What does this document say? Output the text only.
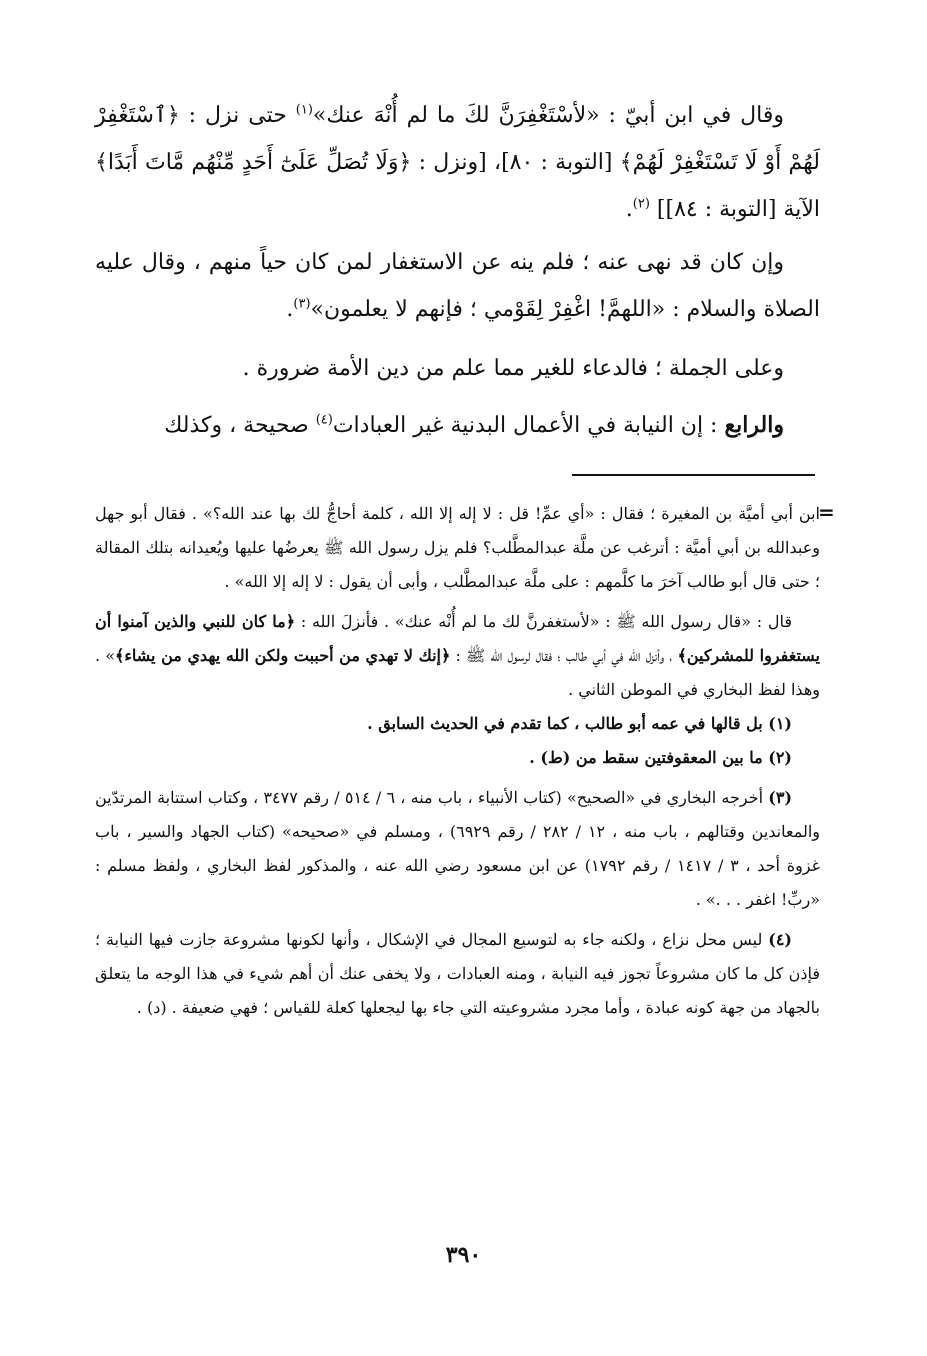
وقال في ابن أبيّ : «لأسْتَغْفِرَنَّ لكَ ما لم أُنْهَ عنك»$^{(١)}$ حتى نزل : ﴿ٱسْتَغْفِرْ لَهُمْ أَوْ لَا تَسْتَغْفِرْ لَهُمْ﴾ [التوبة : ٨٠]، [ونزل : ﴿وَلَا تُصَلِّ عَلَىٰٓ أَحَدٍ مِّنْهُم مَّاتَ أَبَدًا﴾ الآية [التوبة : ٨٤]] $^{(٢)}$.

وإن كان قد نهى عنه ؛ فلم ينه عن الاستغفار لمن كان حياً منهم ، وقال عليه الصلاة والسلام : «اللهمَّ! اغْفِرْ لِقَوْمي ؛ فإنهم لا يعلمون»$^{(٣)}$.

وعلى الجملة ؛ فالدعاء للغير مما علم من دين الأمة ضرورة .

والرابع : إن النيابة في الأعمال البدنية غير العبادات$^{(٤)}$ صحيحة ، وكذلك

=

ابن أبي أميَّة بن المغيرة ؛ فقال : «أي عمِّ! قل : لا إله إلا الله ، كلمة أحاجُّ لك بها عند الله؟» . فقال أبو جهل وعبدالله بن أبي أميَّة : أترغب عن ملَّة عبدالمطَّلب؟ فلم يزل رسول الله ﷺ يعرضُها عليها ويُعيدانه بتلك المقالة ؛ حتى قال أبو طالب آخرَ ما كلَّمهم : على ملَّة عبدالمطَّلب ، وأبى أن يقول : لا إله إلا الله» .

قال : «قال رسول الله ﷺ : «لأستغفرنَّ لك ما لم أُنْه عنك» . فأنزلَ الله : ﴿ما كان للنبي والذين آمنوا أن يستغفروا للمشركين﴾ ، وأنزل الله في أبي طالب ؛ فقال لرسول الله ﷺ : ﴿إنك لا تهدي من أحببت ولكن الله يهدي من يشاء﴾» . وهذا لفظ البخاري في الموطن الثاني .

(١) بل قالها في عمه أبو طالب ، كما تقدم في الحديث السابق .

(٢) ما بين المعقوفتين سقط من (ط) .

(٣) أخرجه البخاري في «الصحيح» (كتاب الأنبياء ، باب منه ، ٦ / ٥١٤ / رقم ٣٤٧٧ ، وكتاب استتابة المرتدّين والمعاندين وقتالهم ، باب منه ، ١٢ / ٢٨٢ / رقم ٦٩٢٩) ، ومسلم في «صحيحه» (كتاب الجهاد والسير ، باب غزوة أحد ، ٣ / ١٤١٧ / رقم ١٧٩٢) عن ابن مسعود رضي الله عنه ، والمذكور لفظ البخاري ، ولفظ مسلم : «ربِّ! اغفر . . .» .

(٤) ليس محل نزاع ، ولكنه جاء به لتوسيع المجال في الإشكال ، وأنها لكونها مشروعة جازت فيها النيابة ؛ فإذن كل ما كان مشروعاً تجوز فيه النيابة ، ومنه العبادات ، ولا يخفى عنك أن أهم شيء في هذا الوجه ما يتعلق بالجهاد من جهة كونه عبادة ، وأما مجرد مشروعيته التي جاء بها ليجعلها كعلة للقياس ؛ فهي ضعيفة . (د) .

٣٩٠
